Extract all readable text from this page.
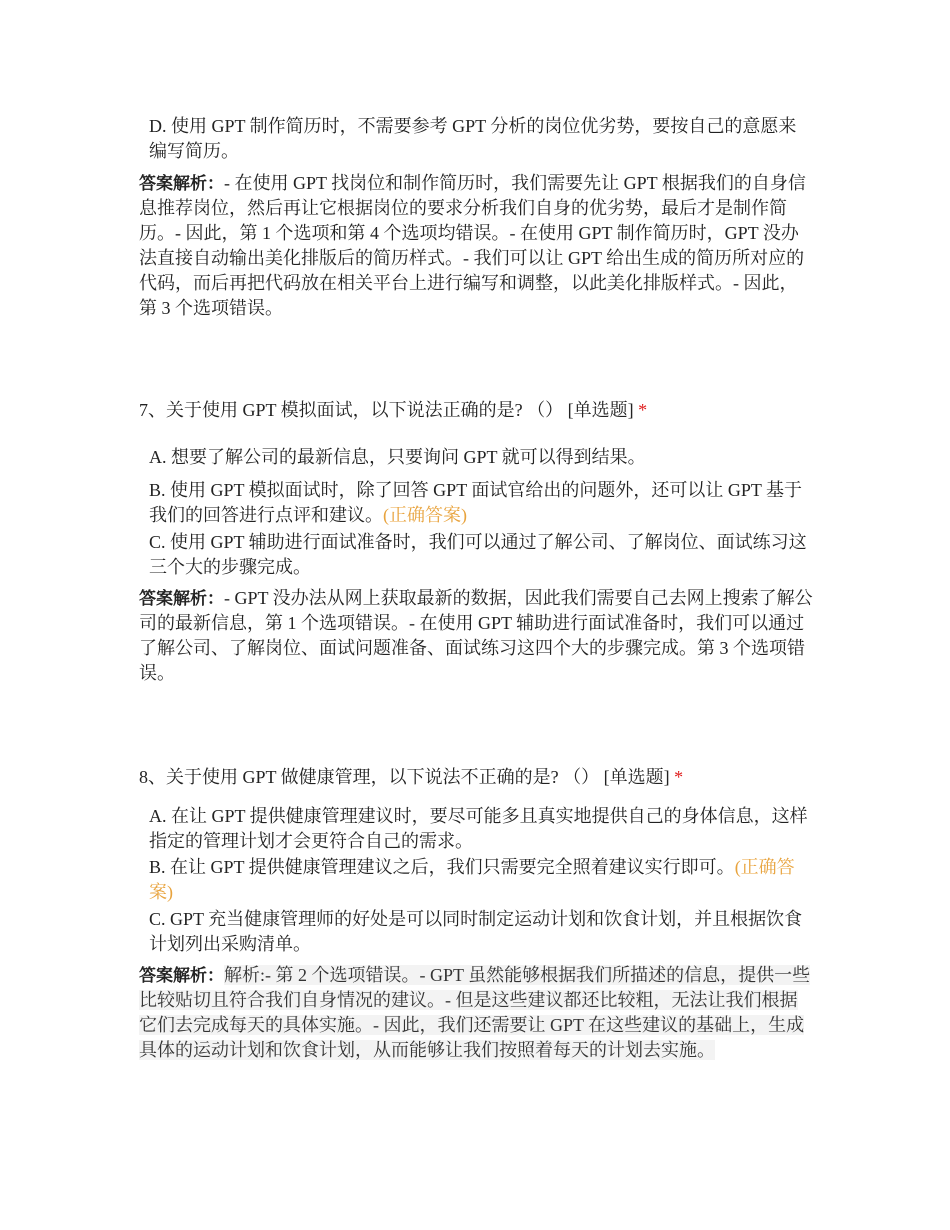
D. 使用 GPT 制作简历时，不需要参考 GPT 分析的岗位优劣势，要按自己的意愿来编写简历。

答案解析：- 在使用 GPT 找岗位和制作简历时，我们需要先让 GPT 根据我们的自身信息推荐岗位，然后再让它根据岗位的要求分析我们自身的优劣势，最后才是制作简历。- 因此，第 1 个选项和第 4 个选项均错误。- 在使用 GPT 制作简历时，GPT 没办法直接自动输出美化排版后的简历样式。- 我们可以让 GPT 给出生成的简历所对应的代码，而后再把代码放在相关平台上进行编写和调整，以此美化排版样式。- 因此，第 3 个选项错误。

7、关于使用 GPT 模拟面试，以下说法正确的是? （） [单选题] *

A. 想要了解公司的最新信息，只要询问 GPT 就可以得到结果。

B. 使用 GPT 模拟面试时，除了回答 GPT 面试官给出的问题外，还可以让 GPT 基于我们的回答进行点评和建议。(正确答案)

C. 使用 GPT 辅助进行面试准备时，我们可以通过了解公司、了解岗位、面试练习这三个大的步骤完成。

答案解析：- GPT 没办法从网上获取最新的数据，因此我们需要自己去网上搜索了解公司的最新信息，第 1 个选项错误。- 在使用 GPT 辅助进行面试准备时，我们可以通过了解公司、了解岗位、面试问题准备、面试练习这四个大的步骤完成。第 3 个选项错误。

8、关于使用 GPT 做健康管理，以下说法不正确的是? （） [单选题] *

A. 在让 GPT 提供健康管理建议时，要尽可能多且真实地提供自己的身体信息，这样指定的管理计划才会更符合自己的需求。

B. 在让 GPT 提供健康管理建议之后，我们只需要完全照着建议实行即可。(正确答案)

C. GPT 充当健康管理师的好处是可以同时制定运动计划和饮食计划，并且根据饮食计划列出采购清单。

答案解析：解析:- 第 2 个选项错误。- GPT 虽然能够根据我们所描述的信息，提供一些比较贴切且符合我们自身情况的建议。- 但是这些建议都还比较粗，无法让我们根据它们去完成每天的具体实施。- 因此，我们还需要让 GPT 在这些建议的基础上，生成具体的运动计划和饮食计划，从而能够让我们按照着每天的计划去实施。
